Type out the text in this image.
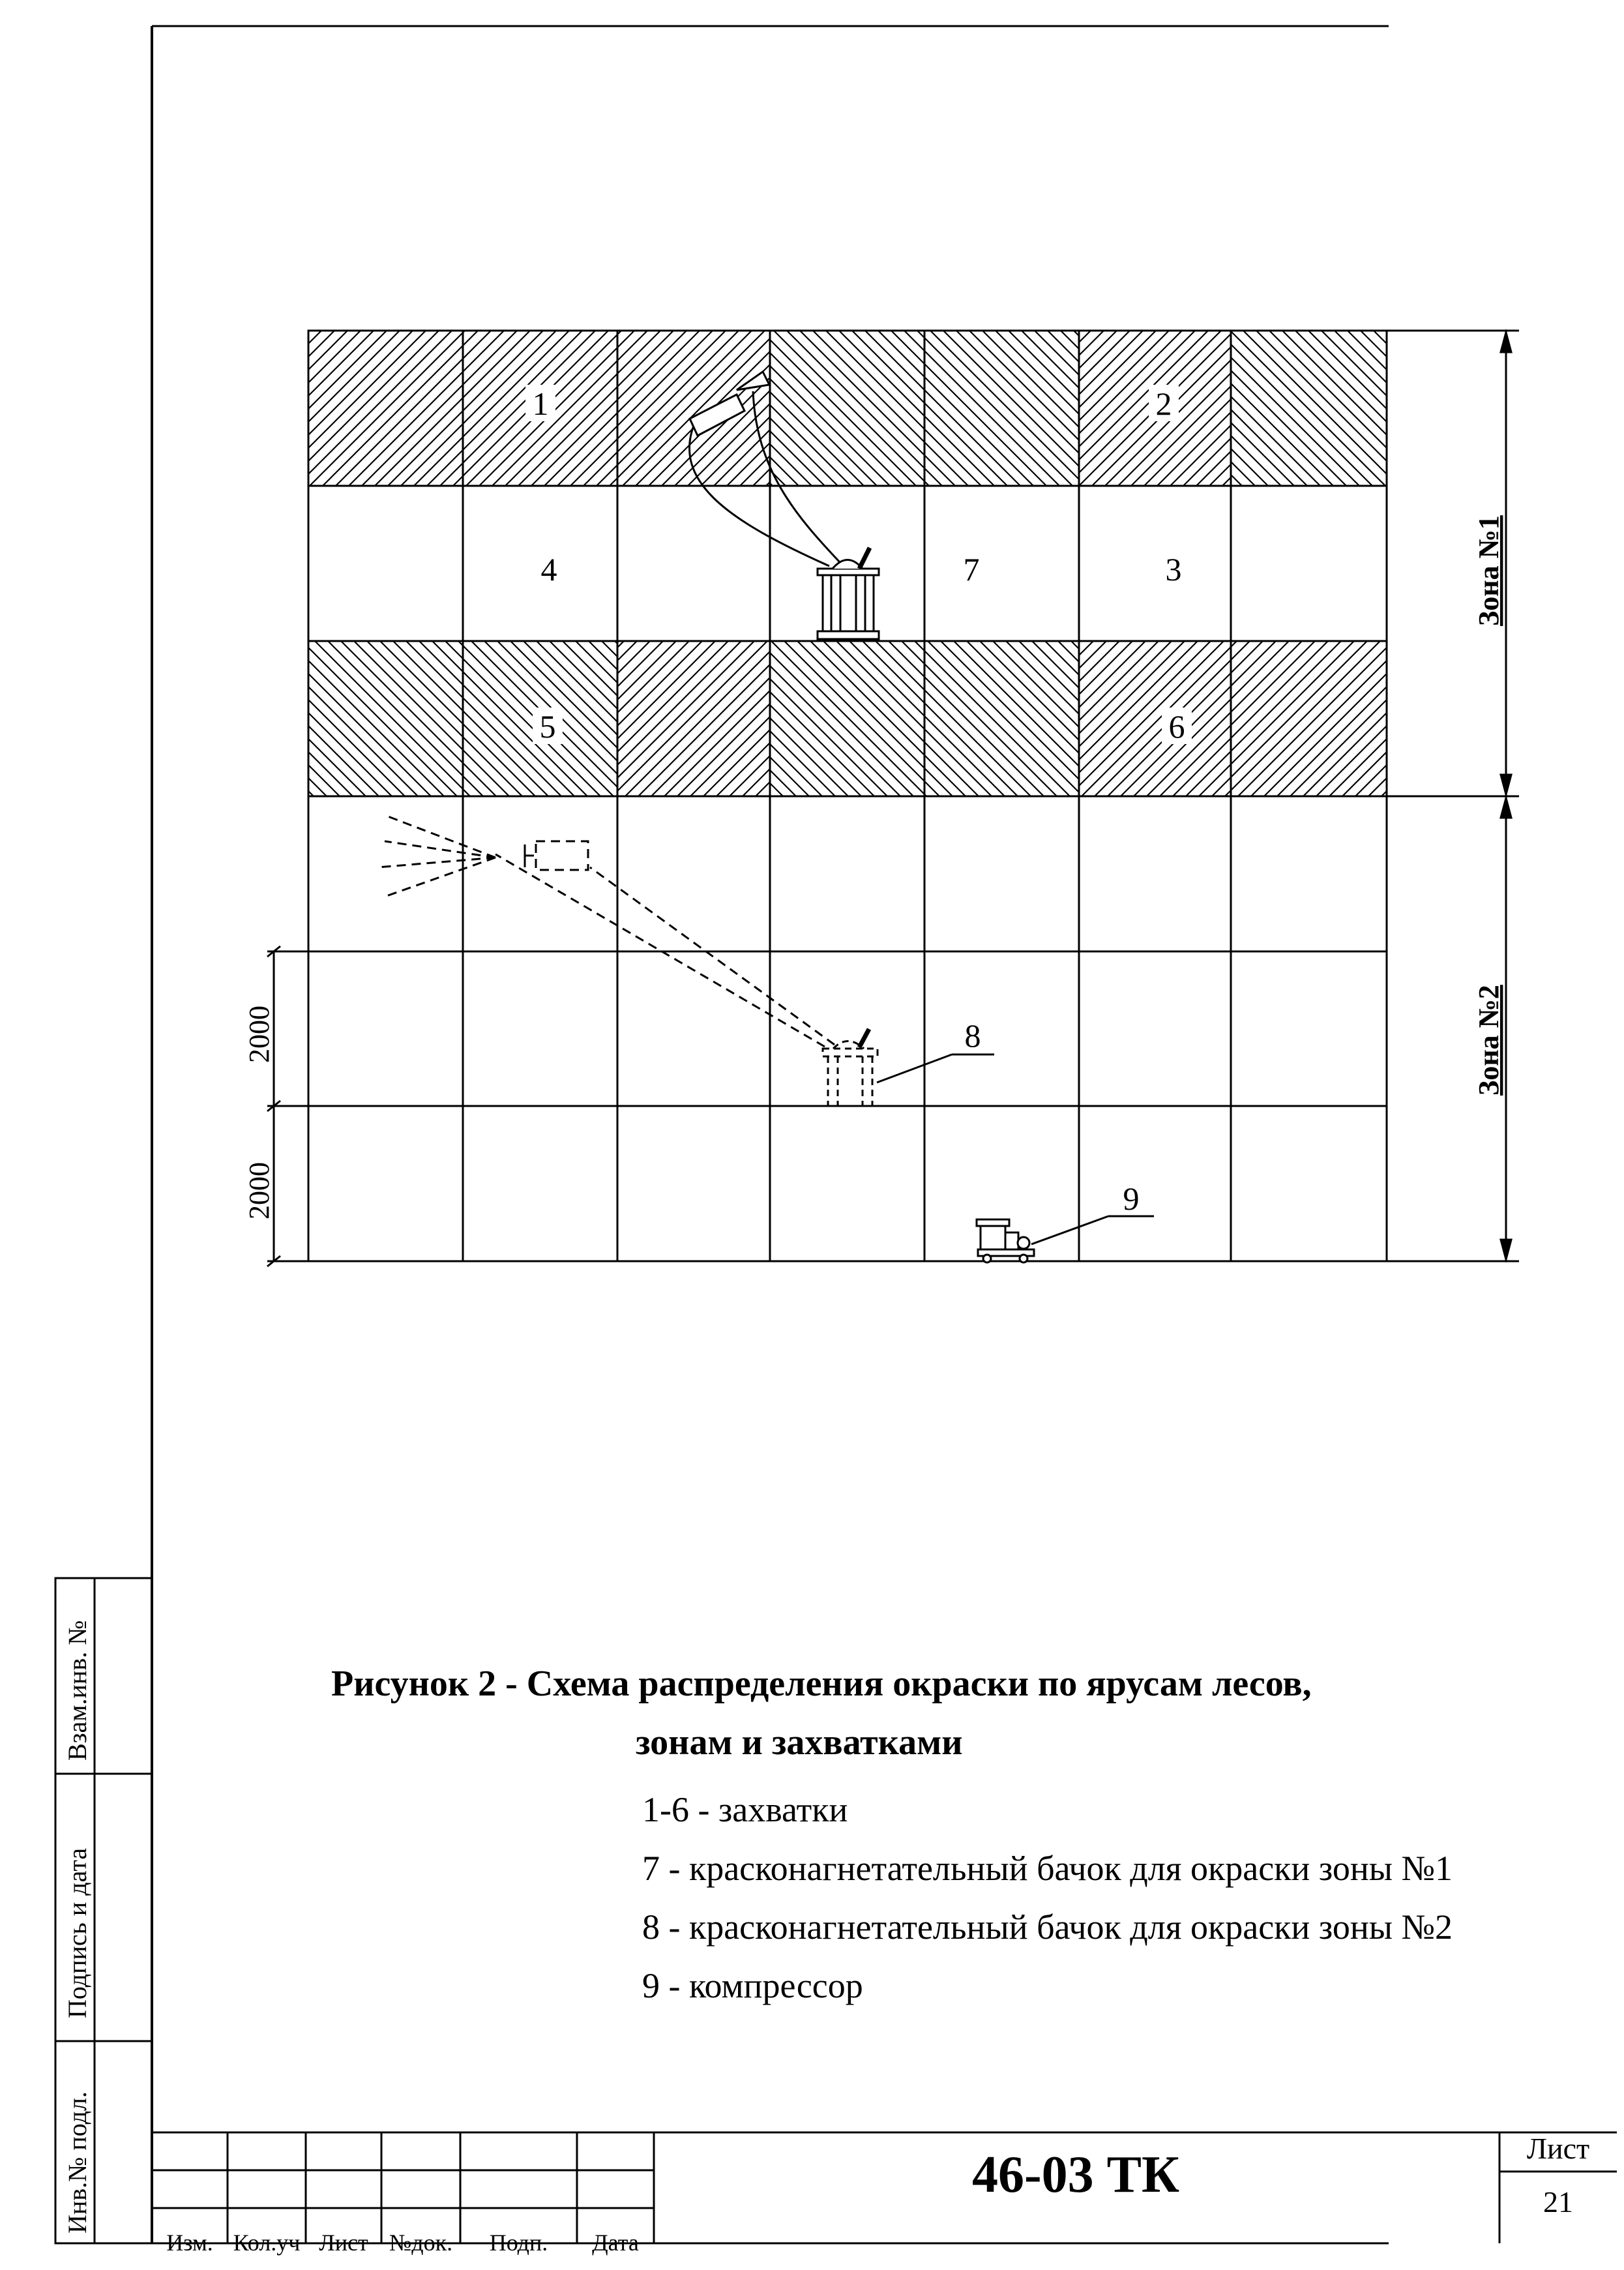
1	2
3
4
5	6
7
8
9
Зона №1
Зона №2
2000
2000
Рисунок 2 - Схема распределения окраски по ярусам лесов,
зонам и захватками
1-6 - захватки
7 - красконагнетательный бачок для окраски зоны №1
8 - красконагнетательный бачок для окраски зоны №2
9 - компрессор
46-03 ТК	Лист
21
Изм. Кол.уч Лист №док.	Подп.	Дата
Инв.№ подл.
Подпись и дата
Взам.инв. №
